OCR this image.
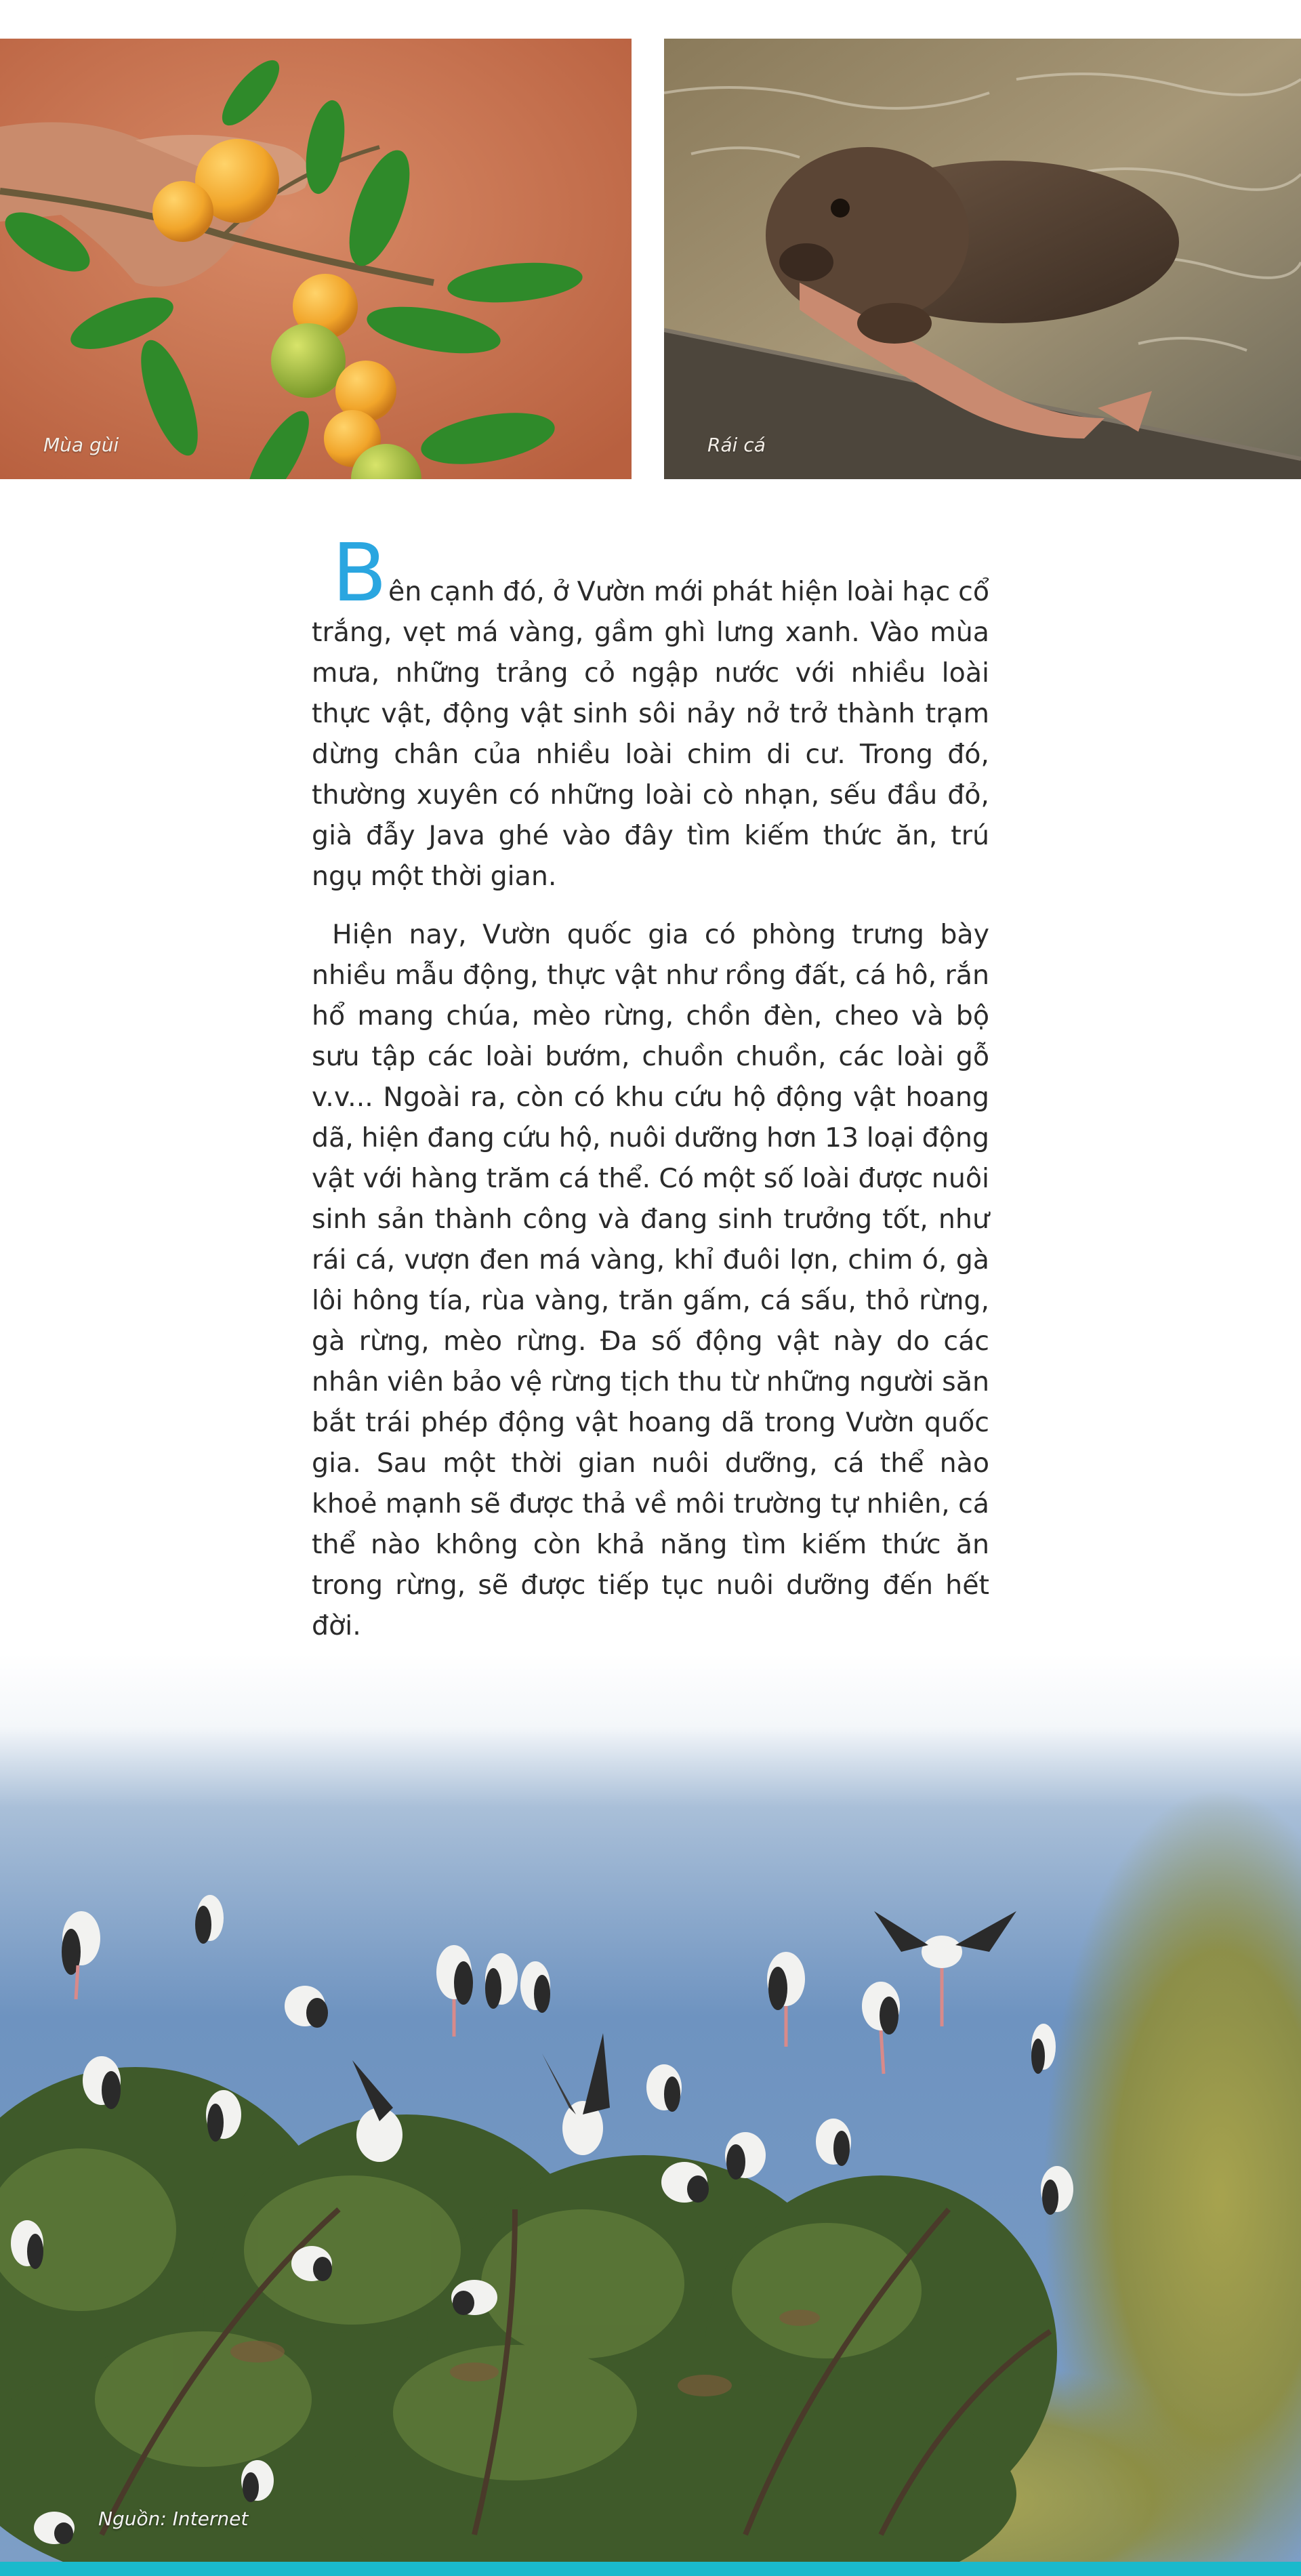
Mùa gùi	Rái cá

Bên cạnh đó, ở Vườn mới phát hiện loài hạc cổ trắng, vẹt má vàng, gầm ghì lưng xanh. Vào mùa mưa, những trảng cỏ ngập nước với nhiều loài thực vật, động vật sinh sôi nảy nở trở thành trạm dừng chân của nhiều loài chim di cư. Trong đó, thường xuyên có những loài cò nhạn, sếu đầu đỏ, già đẫy Java ghé vào đây tìm kiếm thức ăn, trú ngụ một thời gian.

Hiện nay, Vườn quốc gia có phòng trưng bày nhiều mẫu động, thực vật như rồng đất, cá hô, rắn hổ mang chúa, mèo rừng, chồn đèn, cheo và bộ sưu tập các loài bướm, chuồn chuồn, các loài gỗ v.v... Ngoài ra, còn có khu cứu hộ động vật hoang dã, hiện đang cứu hộ, nuôi dưỡng hơn 13 loại động vật với hàng trăm cá thể. Có một số loài được nuôi sinh sản thành công và đang sinh trưởng tốt, như rái cá, vượn đen má vàng, khỉ đuôi lợn, chim ó, gà lôi hông tía, rùa vàng, trăn gấm, cá sấu, thỏ rừng, gà rừng, mèo rừng. Đa số động vật này do các nhân viên bảo vệ rừng tịch thu từ những người săn bắt trái phép động vật hoang dã trong Vườn quốc gia. Sau một thời gian nuôi dưỡng, cá thể nào khoẻ mạnh sẽ được thả về môi trường tự nhiên, cá thể nào không còn khả năng tìm kiếm thức ăn trong rừng, sẽ được tiếp tục nuôi dưỡng đến hết đời.

Nguồn: Internet
